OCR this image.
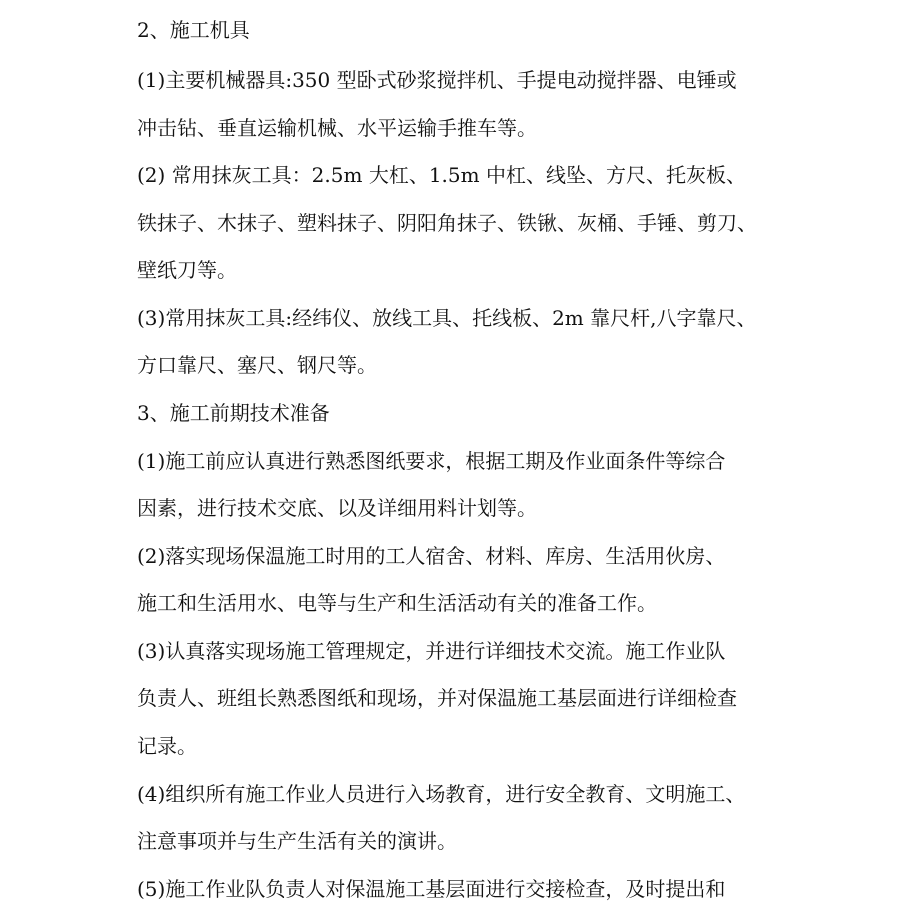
2、施工机具

(1)主要机械器具:350 型卧式砂浆搅拌机、手提电动搅拌器、电锤或

冲击钻、垂直运输机械、水平运输手推车等。

(2) 常用抹灰工具：2.5m 大杠、1.5m 中杠、线坠、方尺、托灰板、

铁抹子、木抹子、塑料抹子、阴阳角抹子、铁锹、灰桶、手锤、剪刀、

壁纸刀等。

(3)常用抹灰工具:经纬仪、放线工具、托线板、2m 靠尺杆,八字靠尺、

方口靠尺、塞尺、钢尺等。

3、施工前期技术准备

(1)施工前应认真进行熟悉图纸要求，根据工期及作业面条件等综合

因素，进行技术交底、以及详细用料计划等。

(2)落实现场保温施工时用的工人宿舍、材料、库房、生活用伙房、

施工和生活用水、电等与生产和生活活动有关的准备工作。

(3)认真落实现场施工管理规定，并进行详细技术交流。施工作业队

负责人、班组长熟悉图纸和现场，并对保温施工基层面进行详细检查

记录。

(4)组织所有施工作业人员进行入场教育，进行安全教育、文明施工、

注意事项并与生产生活有关的演讲。

(5)施工作业队负责人对保温施工基层面进行交接检查，及时提出和
